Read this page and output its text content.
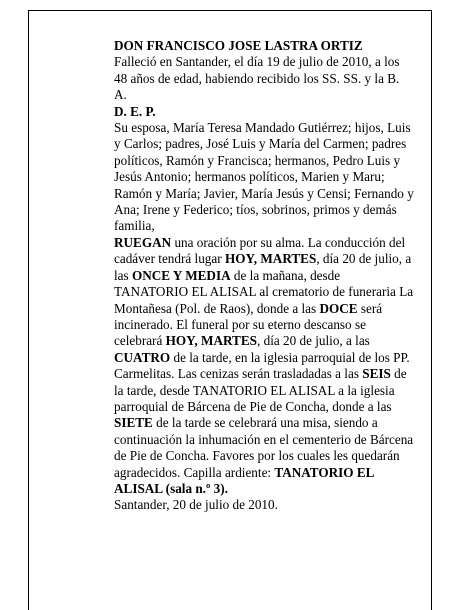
DON FRANCISCO JOSE LASTRA ORTIZ

Falleció en Santander, el día 19 de julio de 2010, a los 48 años de edad, habiendo recibido los SS. SS. y la B. A.

D. E. P.

Su esposa, María Teresa Mandado Gutiérrez; hijos, Luis y Carlos; padres, José Luis y María del Carmen; padres políticos, Ramón y Francisca; hermanos, Pedro Luis y Jesús Antonio; hermanos políticos, Marien y Maru; Ramón y María; Javier, María Jesús y Censi; Fernando y Ana; Irene y Federico; tíos, sobrinos, primos y demás familia,

RUEGAN una oración por su alma. La conducción del cadáver tendrá lugar HOY, MARTES, día 20 de julio, a las ONCE Y MEDIA de la mañana, desde TANATORIO EL ALISAL al crematorio de funeraria La Montañesa (Pol. de Raos), donde a las DOCE será incinerado. El funeral por su eterno descanso se celebrará HOY, MARTES, día 20 de julio, a las CUATRO de la tarde, en la iglesia parroquial de los PP. Carmelitas. Las cenizas serán trasladadas a las SEIS de la tarde, desde TANATORIO EL ALISAL a la iglesia parroquial de Bárcena de Pie de Concha, donde a las SIETE de la tarde se celebrará una misa, siendo a continuación la inhumación en el cementerio de Bárcena de Pie de Concha. Favores por los cuales les quedarán agradecidos. Capilla ardiente: TANATORIO EL ALISAL (sala n.º 3).

Santander, 20 de julio de 2010.
